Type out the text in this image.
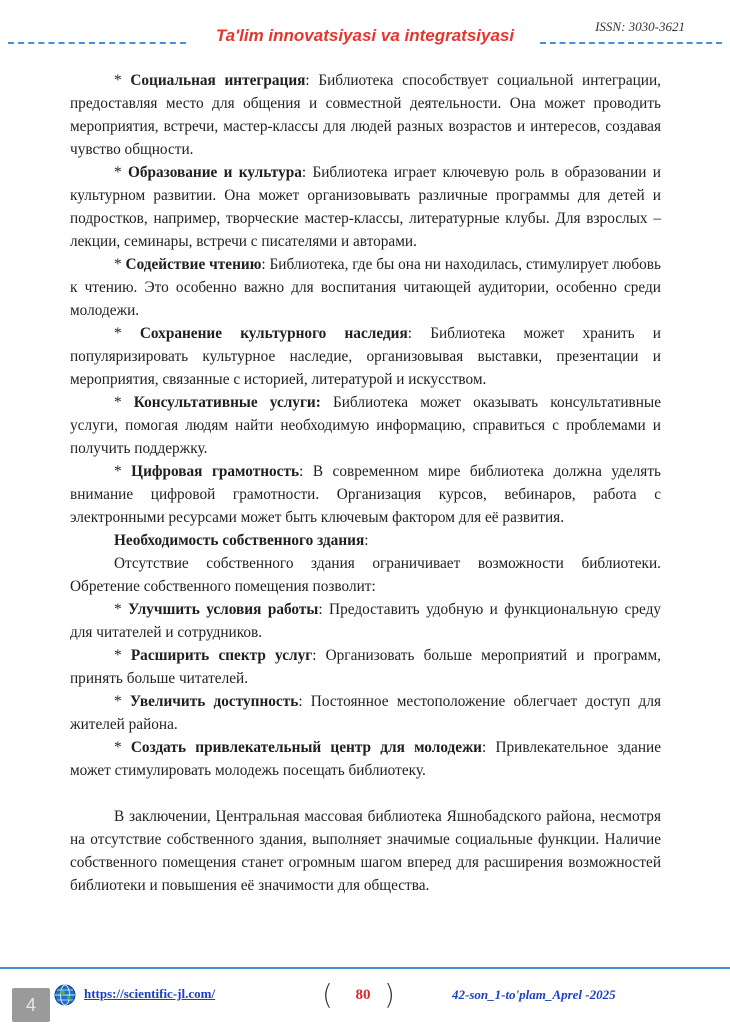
ISSN: 3030-3621
Ta'lim innovatsiyasi va integratsiyasi

* Социальная интеграция: Библиотека способствует социальной интеграции, предоставляя место для общения и совместной деятельности. Она может проводить мероприятия, встречи, мастер-классы для людей разных возрастов и интересов, создавая чувство общности.

* Образование и культура: Библиотека играет ключевую роль в образовании и культурном развитии. Она может организовывать различные программы для детей и подростков, например, творческие мастер-классы, литературные клубы. Для взрослых – лекции, семинары, встречи с писателями и авторами.

* Содействие чтению: Библиотека, где бы она ни находилась, стимулирует любовь к чтению. Это особенно важно для воспитания читающей аудитории, особенно среди молодежи.

* Сохранение культурного наследия: Библиотека может хранить и популяризировать культурное наследие, организовывая выставки, презентации и мероприятия, связанные с историей, литературой и искусством.

* Консультативные услуги: Библиотека может оказывать консультативные услуги, помогая людям найти необходимую информацию, справиться с проблемами и получить поддержку.

* Цифровая грамотность: В современном мире библиотека должна уделять внимание цифровой грамотности. Организация курсов, вебинаров, работа с электронными ресурсами может быть ключевым фактором для её развития.

Необходимость собственного здания:

Отсутствие собственного здания ограничивает возможности библиотеки. Обретение собственного помещения позволит:

* Улучшить условия работы: Предоставить удобную и функциональную среду для читателей и сотрудников.

* Расширить спектр услуг: Организовать больше мероприятий и программ, принять больше читателей.

* Увеличить доступность: Постоянное местоположение облегчает доступ для жителей района.

* Создать привлекательный центр для молодежи: Привлекательное здание может стимулировать молодежь посещать библиотеку.

В заключении, Центральная массовая библиотека Яшнобадского района, несмотря на отсутствие собственного здания, выполняет значимые социальные функции. Наличие собственного помещения станет огромным шагом вперед для расширения возможностей библиотеки и повышения её значимости для общества.

4
https://scientific-jl.com/	(	80 )	42-son_1-to'plam_Aprel -2025
